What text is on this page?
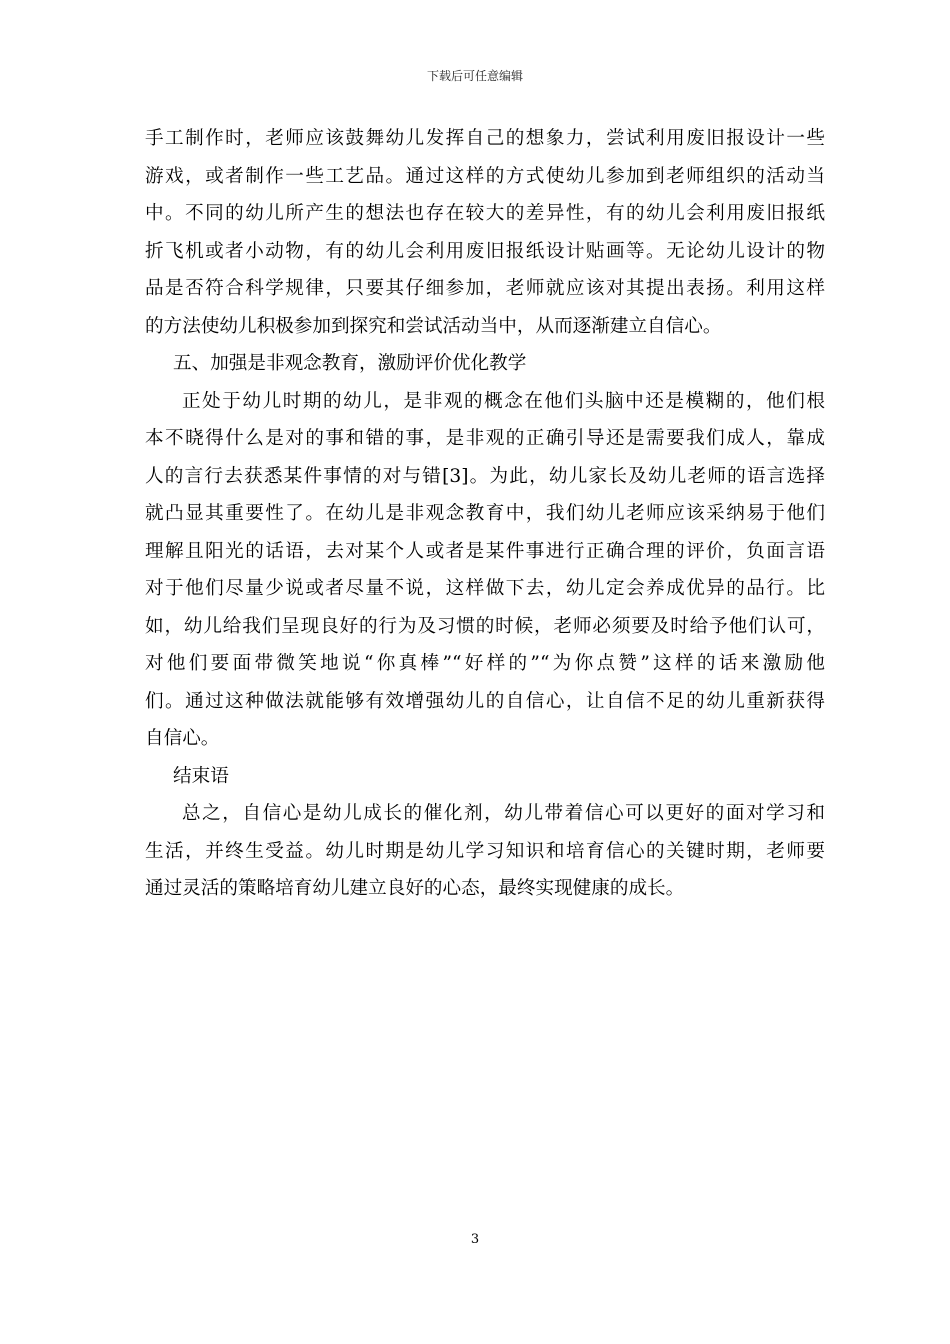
下载后可任意编辑

手工制作时，老师应该鼓舞幼儿发挥自己的想象力，尝试利用废旧报设计一些
游戏，或者制作一些工艺品。通过这样的方式使幼儿参加到老师组织的活动当
中。不同的幼儿所产生的想法也存在较大的差异性，有的幼儿会利用废旧报纸
折飞机或者小动物，有的幼儿会利用废旧报纸设计贴画等。无论幼儿设计的物
品是否符合科学规律，只要其仔细参加，老师就应该对其提出表扬。利用这样
的方法使幼儿积极参加到探究和尝试活动当中，从而逐渐建立自信心。

五、加强是非观念教育，激励评价优化教学

正处于幼儿时期的幼儿，是非观的概念在他们头脑中还是模糊的，他们根
本不晓得什么是对的事和错的事，是非观的正确引导还是需要我们成人，靠成
人的言行去获悉某件事情的对与错[3]。为此，幼儿家长及幼儿老师的语言选择
就凸显其重要性了。在幼儿是非观念教育中，我们幼儿老师应该采纳易于他们
理解且阳光的话语，去对某个人或者是某件事进行正确合理的评价，负面言语
对于他们尽量少说或者尽量不说，这样做下去，幼儿定会养成优异的品行。比
如，幼儿给我们呈现良好的行为及习惯的时候，老师必须要及时给予他们认可，
对他们要面带微笑地说“你真棒”“好样的”“为你点赞”这样的话来激励他
们。通过这种做法就能够有效增强幼儿的自信心，让自信不足的幼儿重新获得
自信心。

结束语

总之，自信心是幼儿成长的催化剂，幼儿带着信心可以更好的面对学习和
生活，并终生受益。幼儿时期是幼儿学习知识和培育信心的关键时期，老师要
通过灵活的策略培育幼儿建立良好的心态，最终实现健康的成长。

3
